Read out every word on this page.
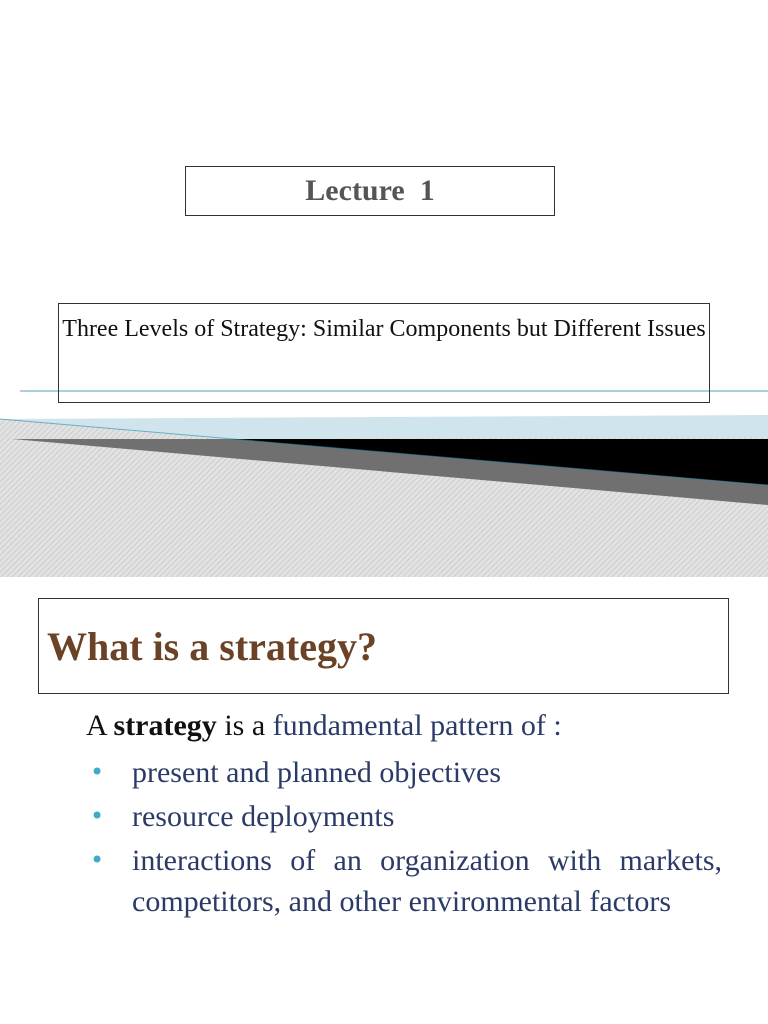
Lecture  1
Three Levels of Strategy: Similar Components but Different Issues
What is a strategy?
A strategy is a fundamental pattern of :
• present and planned objectives
• resource deployments
• interactions of an organization with markets, competitors, and other environmental factors
